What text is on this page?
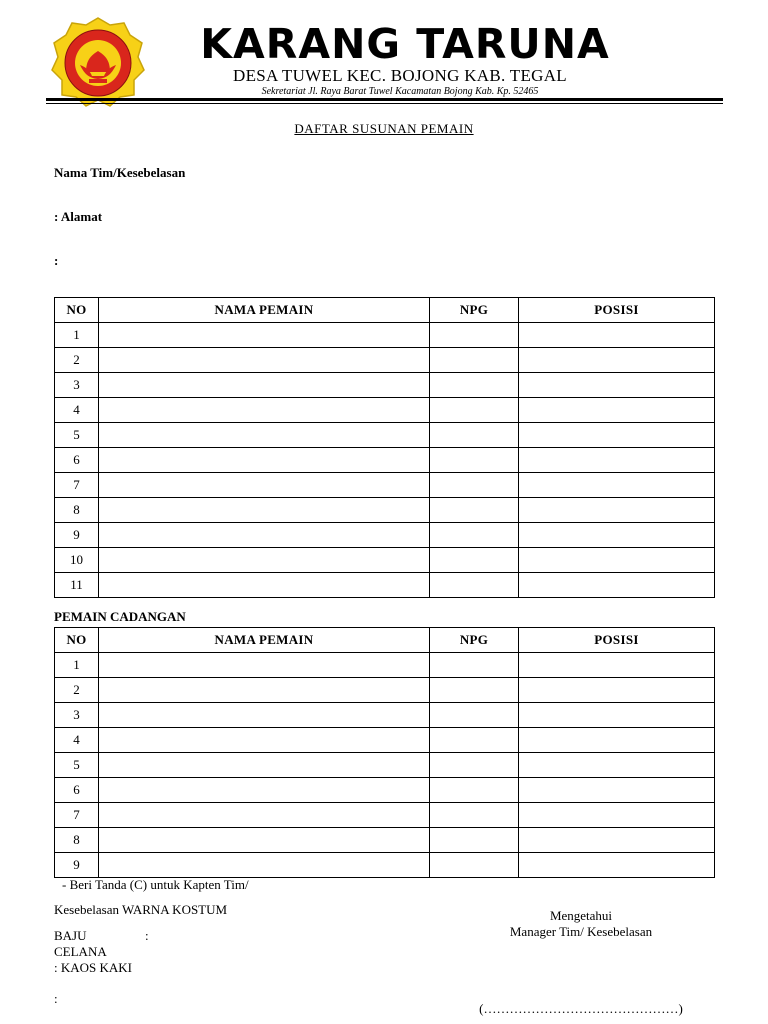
KARANG TARUNA
DESA TUWEL KEC. BOJONG KAB. TEGAL
Sekretariat Jl. Raya Barat Tuwel Kacamatan Bojong Kab. Kp. 52465
DAFTAR SUSUNAN PEMAIN
Nama Tim/Kesebelasan
: Alamat
:
NO	NAMA PEMAIN	NPG	POSISI
1			
2			
3			
4			
5			
6			
7			
8			
9			
10			
11			
PEMAIN CADANGAN
NO	NAMA PEMAIN	NPG	POSISI
1			
2			
3			
4			
5			
6			
7			
8			
9			
- Beri Tanda (C) untuk Kapten Tim/
Kesebelasan WARNA KOSTUM
BAJU	:
CELANA
: KAOS KAKI
:
Mengetahui
Manager Tim/ Kesebelasan
(………………………………………)
